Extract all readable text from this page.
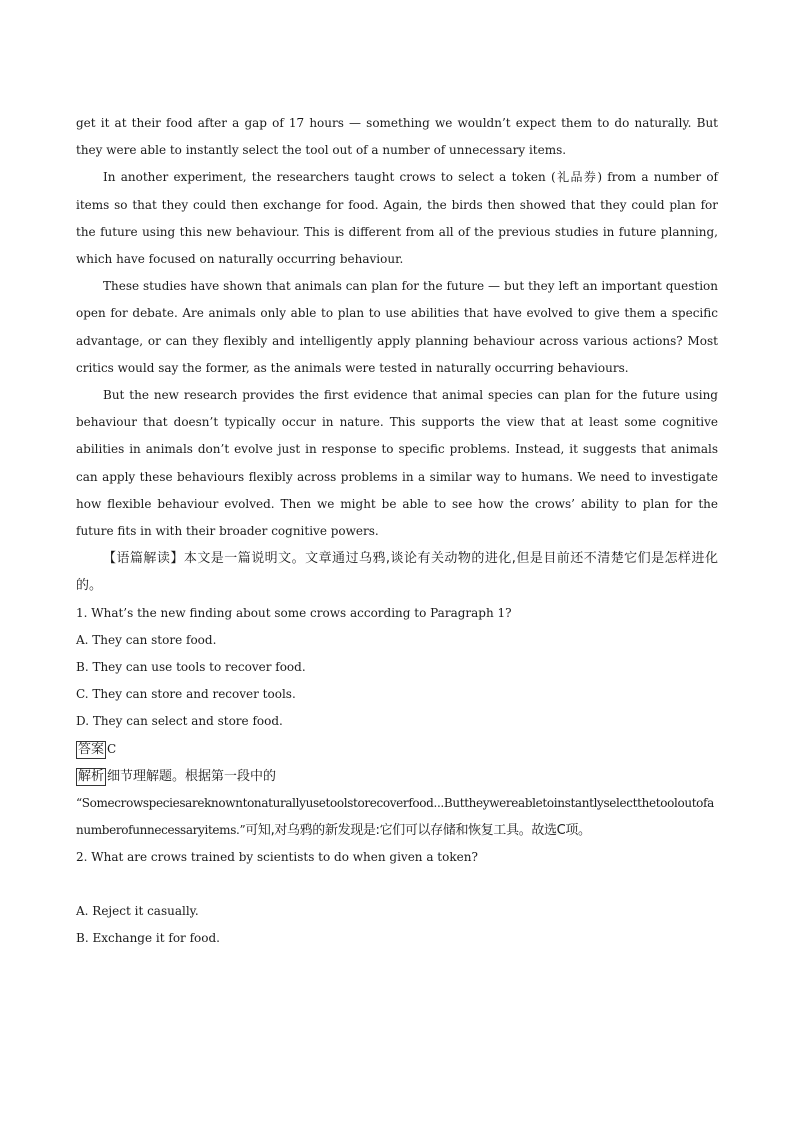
get it at their food after a gap of 17 hours — something we wouldn’t expect them to do naturally. But they were able to instantly select the tool out of a number of unnecessary items.

In another experiment, the researchers taught crows to select a token (礼品券) from a number of items so that they could then exchange for food. Again, the birds then showed that they could plan for the future using this new behaviour. This is different from all of the previous studies in future planning, which have focused on naturally occurring behaviour.

These studies have shown that animals can plan for the future — but they left an important question open for debate. Are animals only able to plan to use abilities that have evolved to give them a specific advantage, or can they flexibly and intelligently apply planning behaviour across various actions? Most critics would say the former, as the animals were tested in naturally occurring behaviours.

But the new research provides the first evidence that animal species can plan for the future using behaviour that doesn’t typically occur in nature. This supports the view that at least some cognitive abilities in animals don’t evolve just in response to specific problems. Instead, it suggests that animals can apply these behaviours flexibly across problems in a similar way to humans. We need to investigate how flexible behaviour evolved. Then we might be able to see how the crows’ ability to plan for the future fits in with their broader cognitive powers.

【语篇解读】本文是一篇说明文。文章通过乌鸦,谈论有关动物的进化,但是目前还不清楚它们是怎样进化的。

1. What’s the new finding about some crows according to Paragraph 1?

A. They can store food.

B. They can use tools to recover food.

C. They can store and recover tools.

D. They can select and store food.

答案 C

解析 细节理解题。根据第一段中的

“Somecrowspeciesareknowntonaturallyusetoolstorecoverfood...Buttheywereabletoinstantlyselectthetooloutofanumberofunnecessaryitems.”可知,对乌鸦的新发现是:它们可以存储和恢复工具。故选C项。

2. What are crows trained by scientists to do when given a token?

A. Reject it casually.

B. Exchange it for food.
